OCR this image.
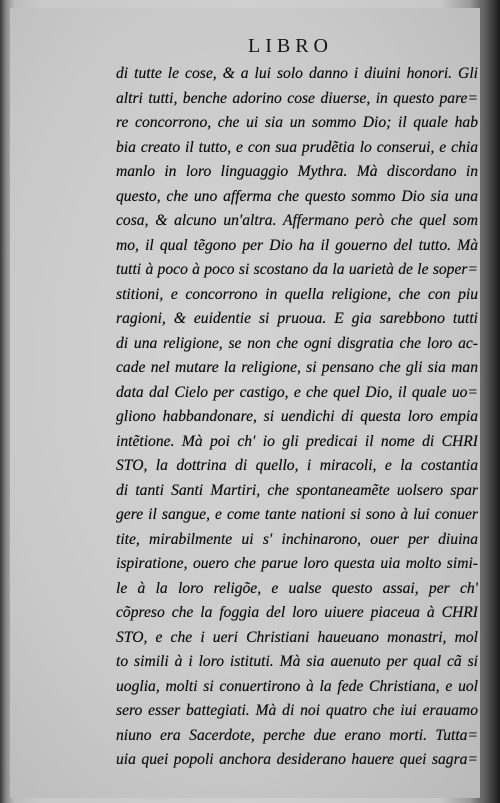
LIBRO
di tutte le cose, & a lui solo danno i diuini honori. Gli
altri tutti, benche adorino cose diuerse, in questo pare=
re concorrono, che ui sia un sommo Dio; il quale hab
bia creato il tutto, e con sua prudẽtia lo conserui, e chia
manlo in loro linguaggio Mythra. Mà discordano in
questo, che uno afferma che questo sommo Dio sia una
cosa, & alcuno un'altra. Affermano però che quel som
mo, il qual tẽgono per Dio ha il gouerno del tutto. Mà
tutti à poco à poco si scostano da la uarietà de le soper=
stitioni, e concorrono in quella religione, che con piu
ragioni, & euidentie si pruoua. E gia sarebbono tutti
di una religione, se non che ogni disgratia che loro ac-
cade nel mutare la religione, si pensano che gli sia man
data dal Cielo per castigo, e che quel Dio, il quale uo=
gliono habbandonare, si uendichi di questa loro empia
intẽtione. Mà poi ch' io gli predicai il nome di CHRI
STO, la dottrina di quello, i miracoli, e la costantia
di tanti Santi Martiri, che spontaneamẽte uolsero spar
gere il sangue, e come tante nationi si sono à lui conuer
tite, mirabilmente ui s' inchinarono, ouer per diuina
ispiratione, ouero che parue loro questa uia molto simi-
le à la loro religõe, e ualse questo assai, per ch'
cõpreso che la foggia del loro uiuere piaceua à CHRI
STO, e che i ueri Christiani haueuano monastri, mol
to simili à i loro istituti. Mà sia auenuto per qual cã si
uoglia, molti si conuertirono à la fede Christiana, e uol
sero esser battegiati. Mà di noi quatro che iui erauamo
niuno era Sacerdote, perche due erano morti. Tutta=
uia quei popoli anchora desiderano hauere quei sagra=
